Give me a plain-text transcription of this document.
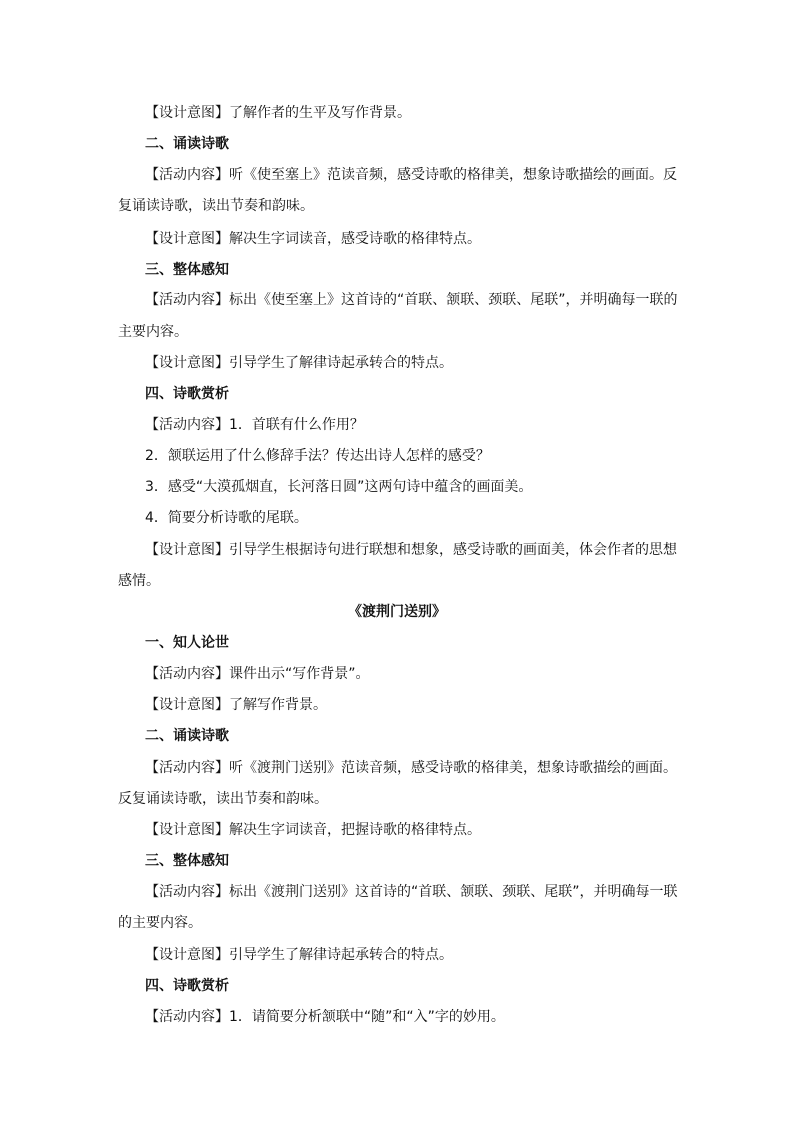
【设计意图】了解作者的生平及写作背景。
二、诵读诗歌
【活动内容】听《使至塞上》范读音频，感受诗歌的格律美，想象诗歌描绘的画面。反
复诵读诗歌，读出节奏和韵味。
【设计意图】解决生字词读音，感受诗歌的格律特点。
三、整体感知
【活动内容】标出《使至塞上》这首诗的“首联、颔联、颈联、尾联”，并明确每一联的
主要内容。
【设计意图】引导学生了解律诗起承转合的特点。
四、诗歌赏析
【活动内容】1．首联有什么作用？
2．颔联运用了什么修辞手法？传达出诗人怎样的感受？
3．感受“大漠孤烟直，长河落日圆”这两句诗中蕴含的画面美。
4．简要分析诗歌的尾联。
【设计意图】引导学生根据诗句进行联想和想象，感受诗歌的画面美，体会作者的思想
感情。
《渡荆门送别》
一、知人论世
【活动内容】课件出示“写作背景”。
【设计意图】了解写作背景。
二、诵读诗歌
【活动内容】听《渡荆门送别》范读音频，感受诗歌的格律美，想象诗歌描绘的画面。
反复诵读诗歌，读出节奏和韵味。
【设计意图】解决生字词读音，把握诗歌的格律特点。
三、整体感知
【活动内容】标出《渡荆门送别》这首诗的“首联、颔联、颈联、尾联”，并明确每一联
的主要内容。
【设计意图】引导学生了解律诗起承转合的特点。
四、诗歌赏析
【活动内容】1．请简要分析颔联中“随”和“入”字的妙用。
